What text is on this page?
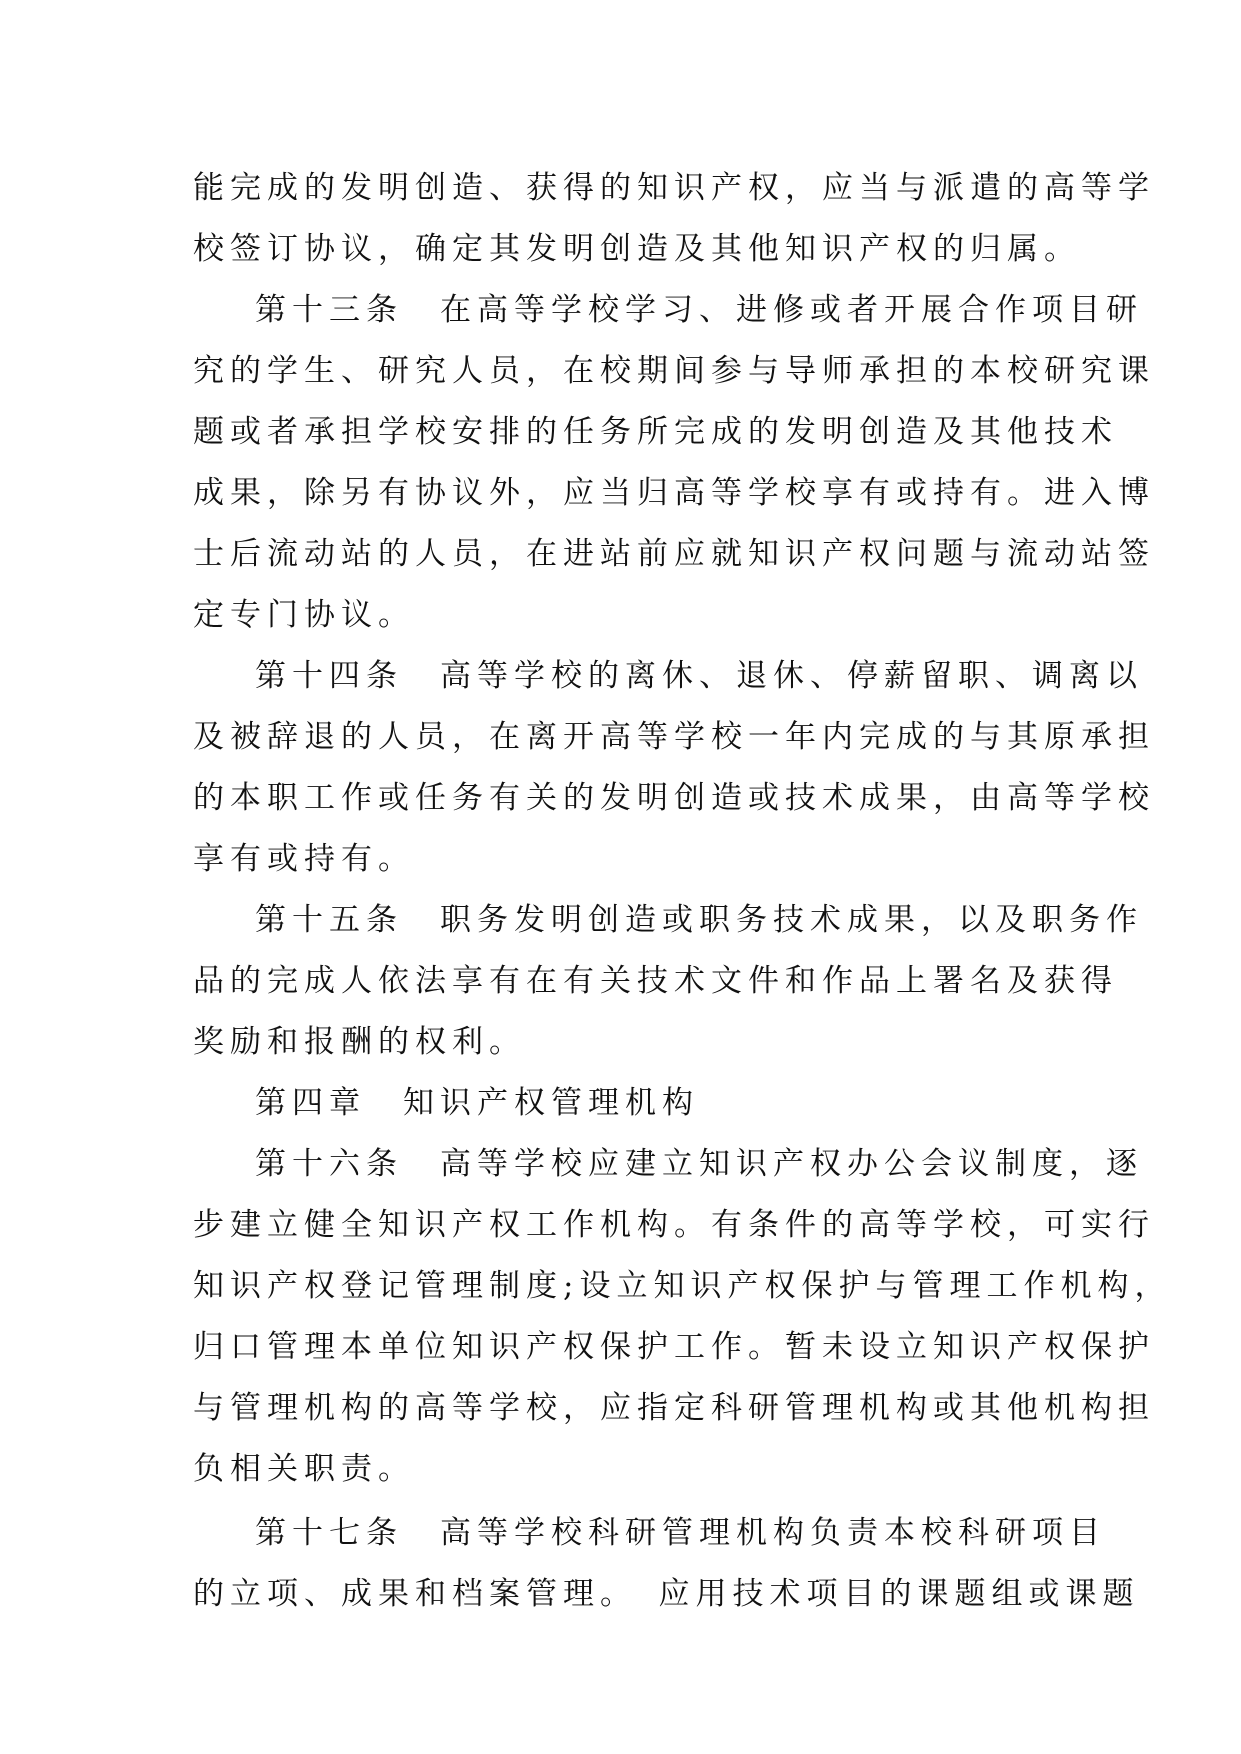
能完成的发明创造、获得的知识产权，应当与派遣的高等学
校签订协议，确定其发明创造及其他知识产权的归属。
第十三条　在高等学校学习、进修或者开展合作项目研
究的学生、研究人员，在校期间参与导师承担的本校研究课
题或者承担学校安排的任务所完成的发明创造及其他技术
成果，除另有协议外，应当归高等学校享有或持有。进入博
士后流动站的人员，在进站前应就知识产权问题与流动站签
定专门协议。
第十四条　高等学校的离休、退休、停薪留职、调离以
及被辞退的人员，在离开高等学校一年内完成的与其原承担
的本职工作或任务有关的发明创造或技术成果，由高等学校
享有或持有。
第十五条　职务发明创造或职务技术成果，以及职务作
品的完成人依法享有在有关技术文件和作品上署名及获得
奖励和报酬的权利。
第四章　知识产权管理机构
第十六条　高等学校应建立知识产权办公会议制度，逐
步建立健全知识产权工作机构。有条件的高等学校，可实行
知识产权登记管理制度;设立知识产权保护与管理工作机构，
归口管理本单位知识产权保护工作。暂未设立知识产权保护
与管理机构的高等学校，应指定科研管理机构或其他机构担
负相关职责。
第十七条　高等学校科研管理机构负责本校科研项目
的立项、成果和档案管理。　应用技术项目的课题组或课题
